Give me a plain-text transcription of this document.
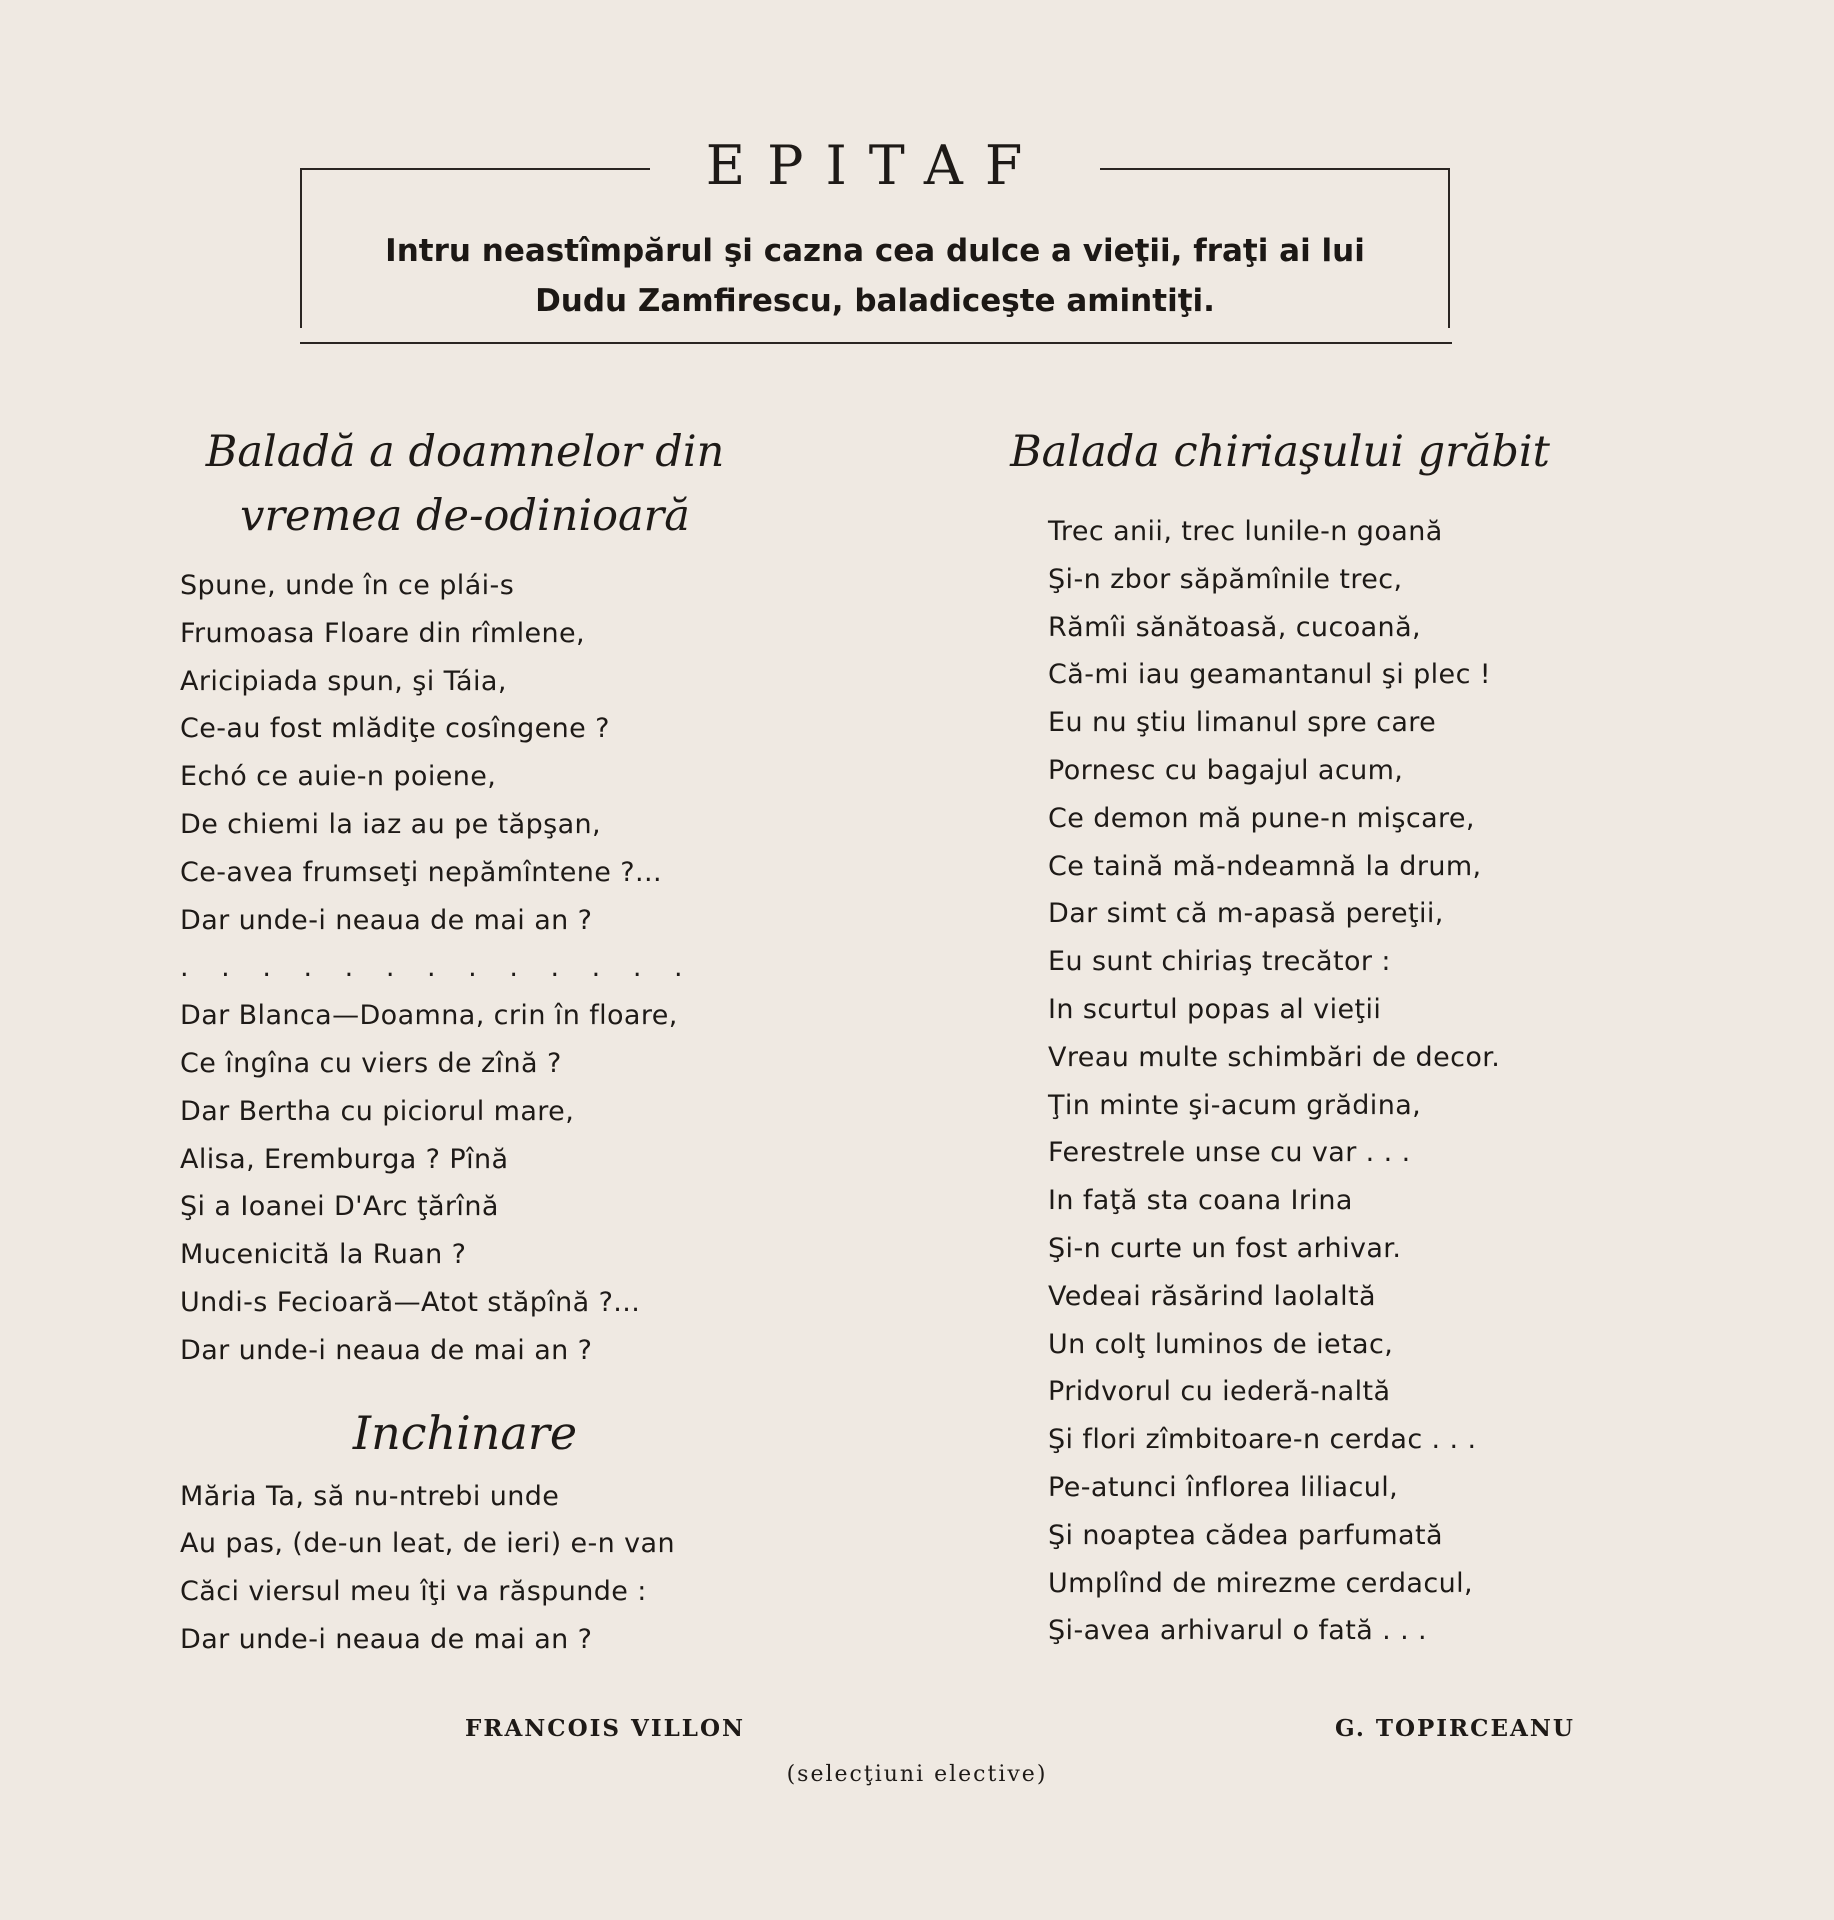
EPITAF
Intru neastîmpărul şi cazna cea dulce a vieţii, fraţi ai lui
Dudu Zamfirescu, baladiceşte amintiţi.
Baladă a doamnelor din
vremea de-odinioară
Spune, unde în ce plái-s
Frumoasa Floare din rîmlene,
Aricipiada spun, şi Táia,
Ce-au fost mlădiţe cosîngene ?
Echó ce auie-n poiene,
De chiemi la iaz au pe tăpşan,
Ce-avea frumseţi nepămîntene ?...
Dar unde-i neaua de mai an ?
. . . . . . . . . . . . .
Dar Blanca—Doamna, crin în floare,
Ce îngîna cu viers de zînă ?
Dar Bertha cu piciorul mare,
Alisa, Eremburga ? Pînă
Şi a Ioanei D'Arc ţărînă
Mucenicită la Ruan ?
Undi-s Fecioară—Atot stăpînă ?...
Dar unde-i neaua de mai an ?
Inchinare
Măria Ta, să nu-ntrebi unde
Au pas, (de-un leat, de ieri) e-n van
Căci viersul meu îţi va răspunde :
Dar unde-i neaua de mai an ?
Balada chiriaşului grăbit
Trec anii, trec lunile-n goană
Şi-n zbor săpămînile trec,
Rămîi sănătoasă, cucoană,
Că-mi iau geamantanul şi plec !
Eu nu ştiu limanul spre care
Pornesc cu bagajul acum,
Ce demon mă pune-n mişcare,
Ce taină mă-ndeamnă la drum,
Dar simt că m-apasă pereţii,
Eu sunt chiriaş trecător :
In scurtul popas al vieţii
Vreau multe schimbări de decor.
Ţin minte şi-acum grădina,
Ferestrele unse cu var . . .
In faţă sta coana Irina
Şi-n curte un fost arhivar.
Vedeai răsărind laolaltă
Un colţ luminos de ietac,
Pridvorul cu iederă-naltă
Şi flori zîmbitoare-n cerdac . . .
Pe-atunci înflorea liliacul,
Şi noaptea cădea parfumată
Umplînd de mirezme cerdacul,
Şi-avea arhivarul o fată . . .
FRANCOIS VILLON	G. TOPIRCEANU
(selecţiuni elective)
